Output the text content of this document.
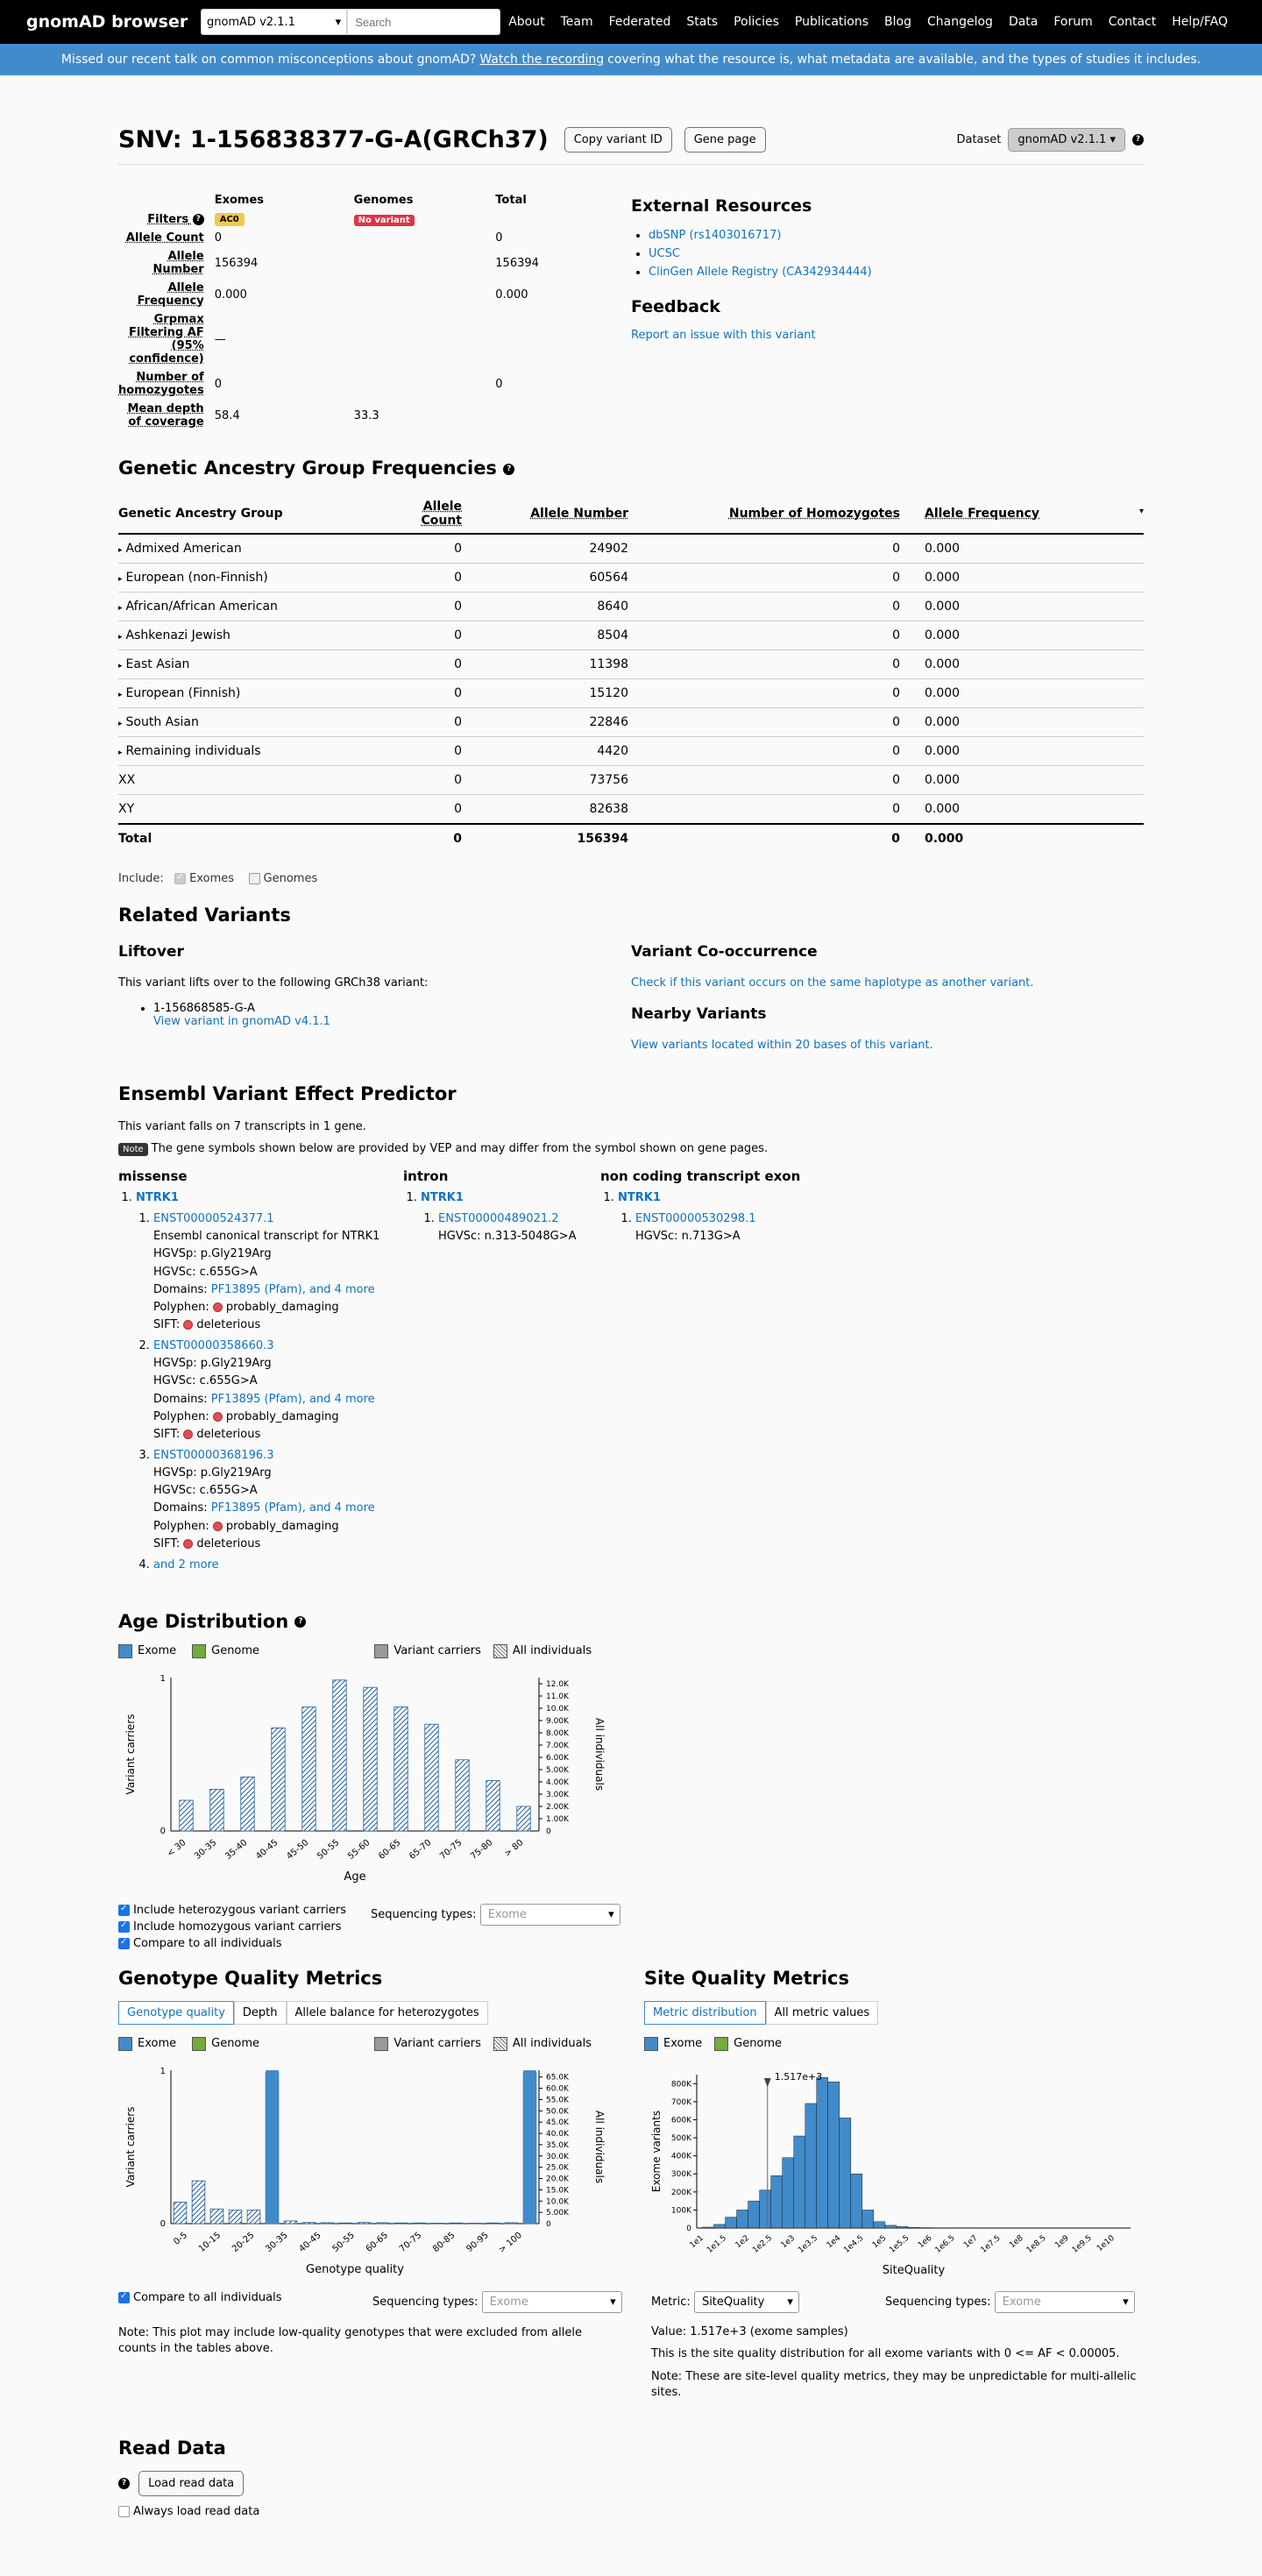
gnomAD browser	gnomAD v2.1.1	▾
Search	About	Team	Federated	Stats	Policies	Publications	Blog	Changelog	Data	Forum	Contact	Help/FAQ
Missed our recent talk on common misconceptions about gnomAD? Watch the recording covering what the resource is, what metadata are available, and the types of studies it includes.
SNV: 1-156838377-G-A(GRCh37)	Copy variant ID	Gene page	Dataset	gnomAD v2.1.1 ▾	?
	Exomes	Genomes	Total
Filters ?	AC0	No variant	
Allele Count	0		0
Allele Number	156394		156394
Allele Frequency	0.000		0.000
Grpmax Filtering AF (95% confidence)	—		
Number of homozygotes	0		0
Mean depth of coverage	58.4	33.3	
External Resources
• dbSNP (rs1403016717)
• UCSC
• ClinGen Allele Registry (CA342934444)
Feedback
Report an issue with this variant
Genetic Ancestry Group Frequencies ?
Genetic Ancestry Group	Allele Count	Allele Number	Number of Homozygotes	Allele Frequency ▾

▸ Admixed American	0	24902	0	0.000
▸ European (non-Finnish)	0	60564	0	0.000
▸ African/African American	0	8640	0	0.000
▸ Ashkenazi Jewish	0	8504	0	0.000
▸ East Asian	0	11398	0	0.000
▸ European (Finnish)	0	15120	0	0.000
▸ South Asian	0	22846	0	0.000
▸ Remaining individuals	0	4420	0	0.000
XX	0	73756	0	0.000
XY	0	82638	0	0.000
Total	0	156394	0	0.000
Include: ✓ Exomes	Genomes
Related Variants
Liftover

This variant lifts over to the following GRCh38 variant:

• 1-156868585-G-A
View variant in gnomAD v4.1.1
Variant Co-occurrence
Check if this variant occurs on the same haplotype as another variant.
Nearby Variants
View variants located within 20 bases of this variant.
Ensembl Variant Effect Predictor

This variant falls on 7 transcripts in 1 gene.

Note The gene symbols shown below are provided by VEP and may differ from the symbol shown on gene pages.

missense
1. NTRK1
1. ENST00000524377.1
Ensembl canonical transcript for NTRK1
HGVSp: p.Gly219Arg
HGVSc: c.655G>A
Domains: PF13895 (Pfam), and 4 more
Polyphen: probably_damaging
SIFT: deleterious
2. ENST00000358660.3
HGVSp: p.Gly219Arg
HGVSc: c.655G>A
Domains: PF13895 (Pfam), and 4 more
Polyphen: probably_damaging
SIFT: deleterious
3. ENST00000368196.3
HGVSp: p.Gly219Arg
HGVSc: c.655G>A
Domains: PF13895 (Pfam), and 4 more
Polyphen: probably_damaging
SIFT: deleterious
4. and 2 more
intron
1. NTRK1
1. ENST00000489021.2
HGVSc: n.313-5048G>A
non coding transcript exon
1. NTRK1
1. ENST00000530298.1
HGVSc: n.713G>A
Age Distribution ?
Exome	Genome	Variant carriers	All individuals
1
0	0
1.00K
2.00K
3.00K
4.00K
5.00K
6.00K
7.00K
8.00K
9.00K
10.0K
11.0K
12.0K
< 30 30-35 35-40 40-45 45-50 50-55 55-60 60-65 65-70 70-75 75-80 > 80
Variant carriers	All individuals
Age
✓Include heterozygous variant carriers
✓Include homozygous variant carriers
✓Compare to all individuals
Sequencing types: Exome ▾
Genotype Quality Metrics
Genotype quality	Depth	Allele balance for heterozygotes
Exome	Genome	Variant carriers	All individuals
1
0	0
5.00K
10.0K
15.0K
20.0K
25.0K
30.0K
35.0K
40.0K
45.0K
50.0K
55.0K
60.0K
65.0K
0-5 10-15 20-25 30-35 40-45 50-55 60-65 70-75 80-85 90-95 > 100
Variant carriers	All individuals
Genotype quality
✓Compare to all individuals	Sequencing types: Exome ▾

Note: This plot may include low-quality genotypes that were excluded from allele counts in the tables above.

Site Quality Metrics
Metric distribution	All metric values
Exome	Genome
0
100K
200K
300K
400K
500K
600K
700K
800K
1e1 1e1.5 1e2 1e2.5 1e3 1e3.5 1e4 1e4.5 1e5 1e5.5 1e6 1e6.5 1e7 1e7.5 1e8 1e8.5 1e9 1e9.5 1e10
1.517e+3
Exome variants
SiteQuality
Metric: SiteQuality ▾	Sequencing types: Exome ▾

Value: 1.517e+3 (exome samples)

This is the site quality distribution for all exome variants with 0 <= AF < 0.00005.

Note: These are site-level quality metrics, they may be unpredictable for multi-allelic sites.

Read Data
? Load read data
Always load read data
